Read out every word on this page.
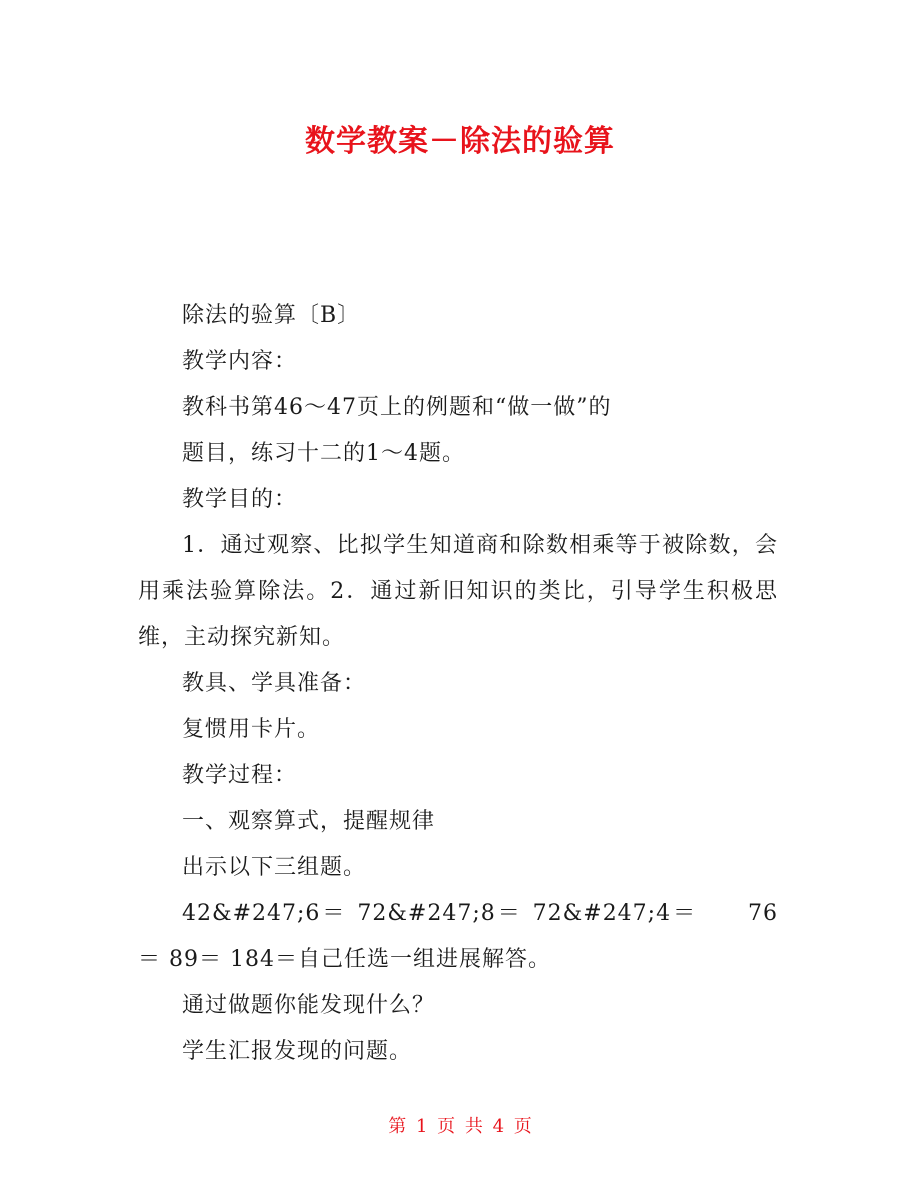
数学教案－除法的验算

除法的验算〔B〕

教学内容：

教科书第46～47页上的例题和“做一做”的

题目，练习十二的1～4题。

教学目的：

1．通过观察、比拟学生知道商和除数相乘等于被除数，会用乘法验算除法。2．通过新旧知识的类比，引导学生积极思维，主动探究新知。

教具、学具准备：

复惯用卡片。

教学过程：

一、观察算式，提醒规律

出示以下三组题。

42&#247;6＝ 72&#247;8＝ 72&#247;4＝　　76＝ 89＝ 184＝自己任选一组进展解答。

通过做题你能发现什么？

学生汇报发现的问题。

第 1 页 共 4 页
